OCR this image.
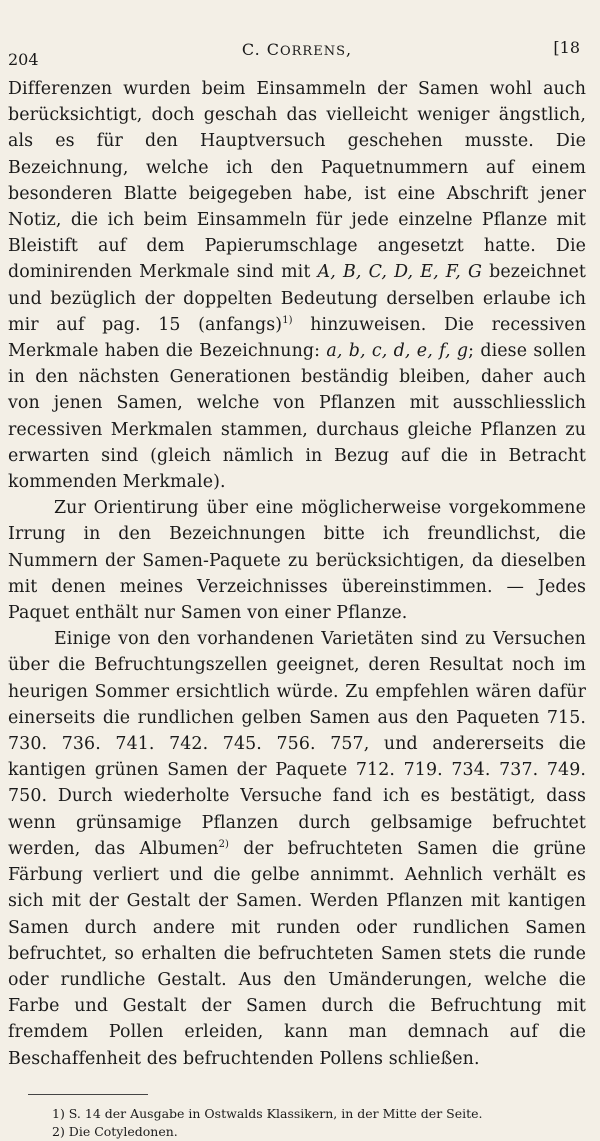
204
C. CORRENS,	[18

Differenzen wurden beim Einsammeln der Samen wohl auch berücksichtigt, doch geschah das vielleicht weniger ängstlich, als es für den Hauptversuch geschehen musste. Die Bezeichnung, welche ich den Paquetnummern auf einem besonderen Blatte beigegeben habe, ist eine Abschrift jener Notiz, die ich beim Einsammeln für jede einzelne Pflanze mit Bleistift auf dem Papierumschlage angesetzt hatte. Die dominirenden Merkmale sind mit A, B, C, D, E, F, G bezeichnet und bezüglich der doppelten Bedeutung derselben erlaube ich mir auf pag. 15 (anfangs)$^{1)}$ hinzuweisen. Die recessiven Merkmale haben die Bezeichnung: a, b, c, d, e, f, g; diese sollen in den nächsten Generationen beständig bleiben, daher auch von jenen Samen, welche von Pflanzen mit ausschliesslich recessiven Merkmalen stammen, durchaus gleiche Pflanzen zu erwarten sind (gleich nämlich in Bezug auf die in Betracht kommenden Merkmale).

Zur Orientirung über eine möglicherweise vorgekommene Irrung in den Bezeichnungen bitte ich freundlichst, die Nummern der Samen-Paquete zu berücksichtigen, da dieselben mit denen meines Verzeichnisses übereinstimmen. — Jedes Paquet enthält nur Samen von einer Pflanze.

Einige von den vorhandenen Varietäten sind zu Versuchen über die Befruchtungszellen geeignet, deren Resultat noch im heurigen Sommer ersichtlich würde. Zu empfehlen wären dafür einerseits die rundlichen gelben Samen aus den Paqueten 715. 730. 736. 741. 742. 745. 756. 757, und andererseits die kantigen grünen Samen der Paquete 712. 719. 734. 737. 749. 750. Durch wiederholte Versuche fand ich es bestätigt, dass wenn grünsamige Pflanzen durch gelbsamige befruchtet werden, das Albumen$^{2)}$ der befruchteten Samen die grüne Färbung verliert und die gelbe annimmt. Aehnlich verhält es sich mit der Gestalt der Samen. Werden Pflanzen mit kantigen Samen durch andere mit runden oder rundlichen Samen befruchtet, so erhalten die befruchteten Samen stets die runde oder rundliche Gestalt. Aus den Umänderungen, welche die Farbe und Gestalt der Samen durch die Befruchtung mit fremdem Pollen erleiden, kann man demnach auf die Beschaffenheit des befruchtenden Pollens schließen.

1) S. 14 der Ausgabe in Ostwalds Klassikern, in der Mitte der Seite.
2) Die Cotyledonen.
